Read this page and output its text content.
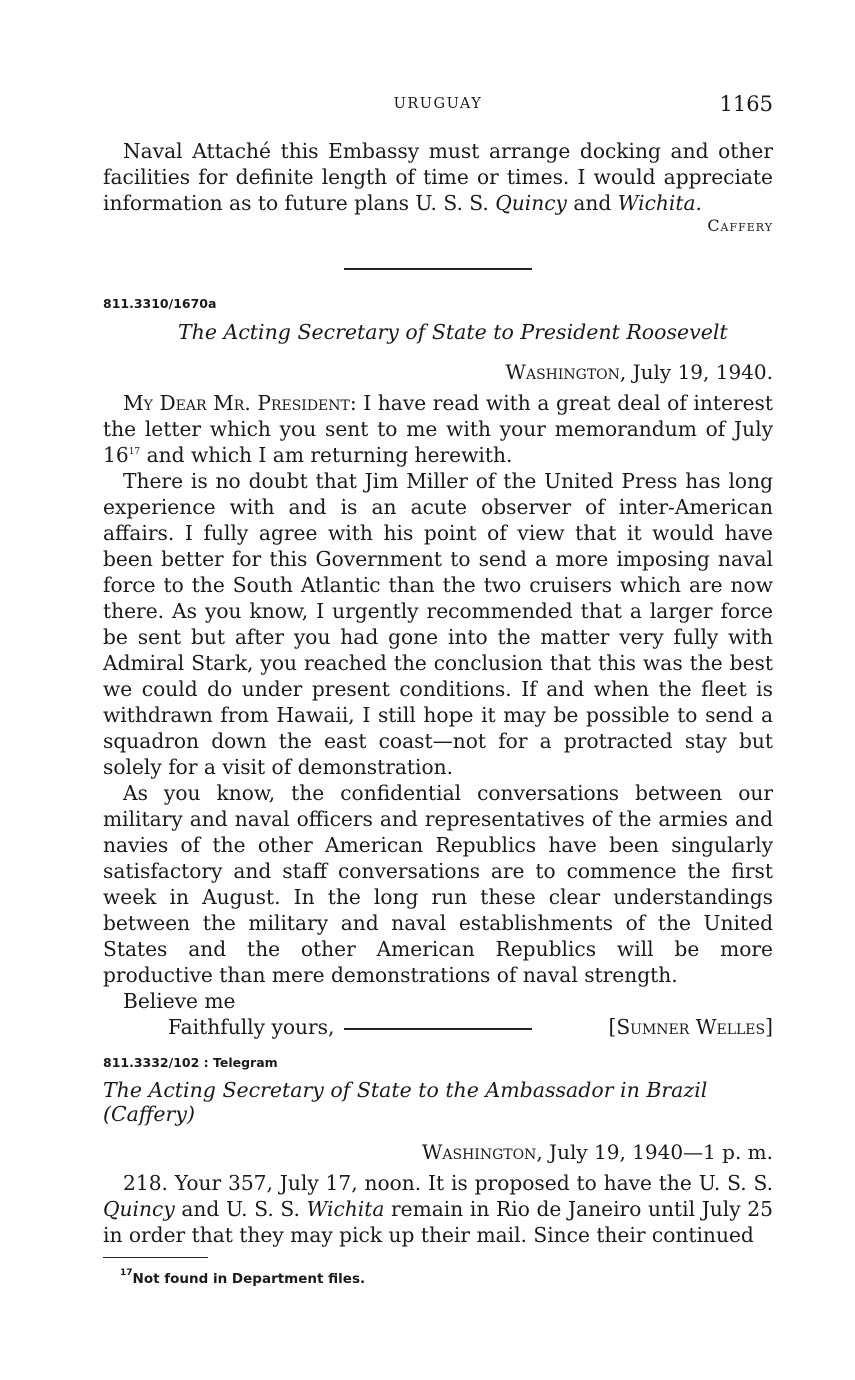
URUGUAY	1165

Naval Attaché this Embassy must arrange docking and other facilities for definite length of time or times. I would appreciate information as to future plans U. S. S. Quincy and Wichita.

Caffery
811.3310/1670a
The Acting Secretary of State to President Roosevelt
Washington, July 19, 1940.

My Dear Mr. President: I have read with a great deal of interest the letter which you sent to me with your memorandum of July $16^{17}$ and which I am returning herewith.

There is no doubt that Jim Miller of the United Press has long experience with and is an acute observer of inter-American affairs. I fully agree with his point of view that it would have been better for this Government to send a more imposing naval force to the South Atlantic than the two cruisers which are now there. As you know, I urgently recommended that a larger force be sent but after you had gone into the matter very fully with Admiral Stark, you reached the conclusion that this was the best we could do under present conditions. If and when the fleet is withdrawn from Hawaii, I still hope it may be possible to send a squadron down the east coast—not for a protracted stay but solely for a visit of demonstration.

As you know, the confidential conversations between our military and naval officers and representatives of the armies and navies of the other American Republics have been singularly satisfactory and staff conversations are to commence the first week in August. In the long run these clear understandings between the military and naval establishments of the United States and the other American Republics will be more productive than mere demonstrations of naval strength.

Believe me

Faithfully yours,	[Sumner Welles]
811.3332/102 : Telegram
The Acting Secretary of State to the Ambassador in Brazil (Caffery)
Washington, July 19, 1940—1 p. m.

218. Your 357, July 17, noon. It is proposed to have the U. S. S. Quincy and U. S. S. Wichita remain in Rio de Janeiro until July 25 in order that they may pick up their mail. Since their continued

$^{17}$Not found in Department files.
